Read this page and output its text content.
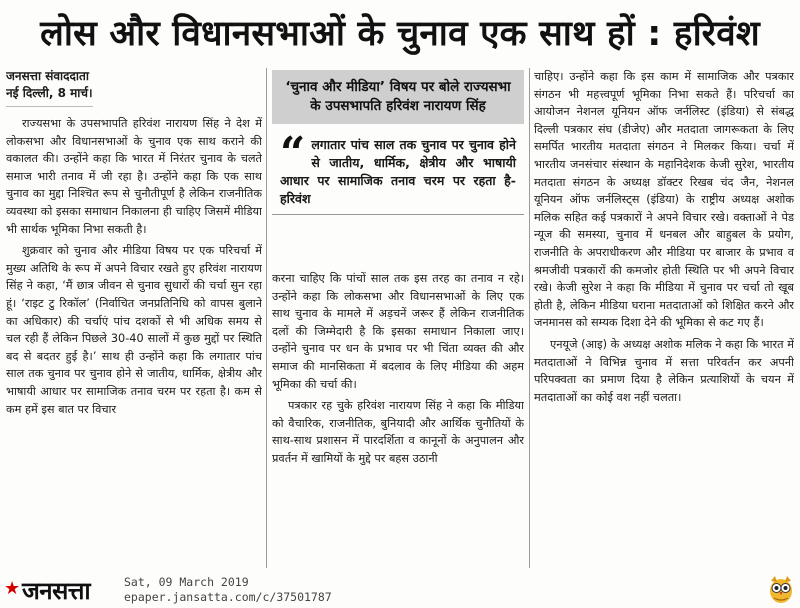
लोस और विधानसभाओं के चुनाव एक साथ हों : हरिवंश
जनसत्ता संवाददाता
नई दिल्ली, 8 मार्च।

राज्यसभा के उपसभापति हरिवंश नारायण सिंह ने देश में लोकसभा और विधानसभाओं के चुनाव एक साथ कराने की वकालत की। उन्होंने कहा कि भारत में निरंतर चुनाव के चलते समाज भारी तनाव में जी रहा है। उन्होंने कहा कि एक साथ चुनाव का मुद्दा निश्चित रूप से चुनौतीपूर्ण है लेकिन राजनीतिक व्यवस्था को इसका समाधान निकालना ही चाहिए जिसमें मीडिया भी सार्थक भूमिका निभा सकती है।

शुक्रवार को चुनाव और मीडिया विषय पर एक परिचर्चा में मुख्य अतिथि के रूप में अपने विचार रखते हुए हरिवंश नारायण सिंह ने कहा, ‘मैं छात्र जीवन से चुनाव सुधारों की चर्चा सुन रहा हूं। ‘राइट टु रिकॉल’ (निर्वाचित जनप्रतिनिधि को वापस बुलाने का अधिकार) की चर्चाएं पांच दशकों से भी अधिक समय से चल रही हैं लेकिन पिछले 30-40 सालों में कुछ मुद्दों पर स्थिति बद से बदतर हुई है।’ साथ ही उन्होंने कहा कि लगातार पांच साल तक चुनाव पर चुनाव होने से जातीय, धार्मिक, क्षेत्रीय और भाषायी आधार पर सामाजिक तनाव चरम पर रहता है। कम से कम हमें इस बात पर विचार

‘चुनाव और मीडिया’ विषय पर बोले राज्यसभा के उपसभापति हरिवंश नारायण सिंह
“ लगातार पांच साल तक चुनाव पर चुनाव होने से जातीय, धार्मिक, क्षेत्रीय और भाषायी आधार पर सामाजिक तनाव चरम पर रहता है- हरिवंश

करना चाहिए कि पांचों साल तक इस तरह का तनाव न रहे। उन्होंने कहा कि लोकसभा और विधानसभाओं के लिए एक साथ चुनाव के मामले में अड़चनें जरूर हैं लेकिन राजनीतिक दलों की जिम्मेदारी है कि इसका समाधान निकाला जाए। उन्होंने चुनाव पर धन के प्रभाव पर भी चिंता व्यक्त की और समाज की मानसिकता में बदलाव के लिए मीडिया की अहम भूमिका की चर्चा की।

पत्रकार रह चुके हरिवंश नारायण सिंह ने कहा कि मीडिया को वैचारिक, राजनीतिक, बुनियादी और आर्थिक चुनौतियों के साथ-साथ प्रशासन में पारदर्शिता व कानूनों के अनुपालन और प्रवर्तन में खामियों के मुद्दे पर बहस उठानी

चाहिए। उन्होंने कहा कि इस काम में सामाजिक और पत्रकार संगठन भी महत्त्वपूर्ण भूमिका निभा सकते हैं। परिचर्चा का आयोजन नेशनल यूनियन ऑफ जर्नलिस्ट (इंडिया) से संबद्ध दिल्ली पत्रकार संघ (डीजेए) और मतदाता जागरूकता के लिए समर्पित भारतीय मतदाता संगठन ने मिलकर किया। चर्चा में भारतीय जनसंचार संस्थान के महानिदेशक केजी सुरेश, भारतीय मतदाता संगठन के अध्यक्ष डॉक्टर रिखब चंद जैन, नेशनल यूनियन ऑफ जर्नलिस्ट्स (इंडिया) के राष्ट्रीय अध्यक्ष अशोक मलिक सहित कई पत्रकारों ने अपने विचार रखे। वक्ताओं ने पेड न्यूज की समस्या, चुनाव में धनबल और बाहुबल के प्रयोग, राजनीति के अपराधीकरण और मीडिया पर बाजार के प्रभाव व श्रमजीवी पत्रकारों की कमजोर होती स्थिति पर भी अपने विचार रखे। केजी सुरेश ने कहा कि मीडिया में चुनाव पर चर्चा तो खूब होती है, लेकिन मीडिया घराना मतदाताओं को शिक्षित करने और जनमानस को सम्यक दिशा देने की भूमिका से कट गए हैं।

एनयूजे (आइ) के अध्यक्ष अशोक मलिक ने कहा कि भारत में मतदाताओं ने विभिन्न चुनाव में सत्ता परिवर्तन कर अपनी परिपक्वता का प्रमाण दिया है लेकिन प्रत्याशियों के चयन में मतदाताओं का कोई वश नहीं चलता।

★ जनसत्ता	Sat, 09 March 2019
epaper.jansatta.com/c/37501787
